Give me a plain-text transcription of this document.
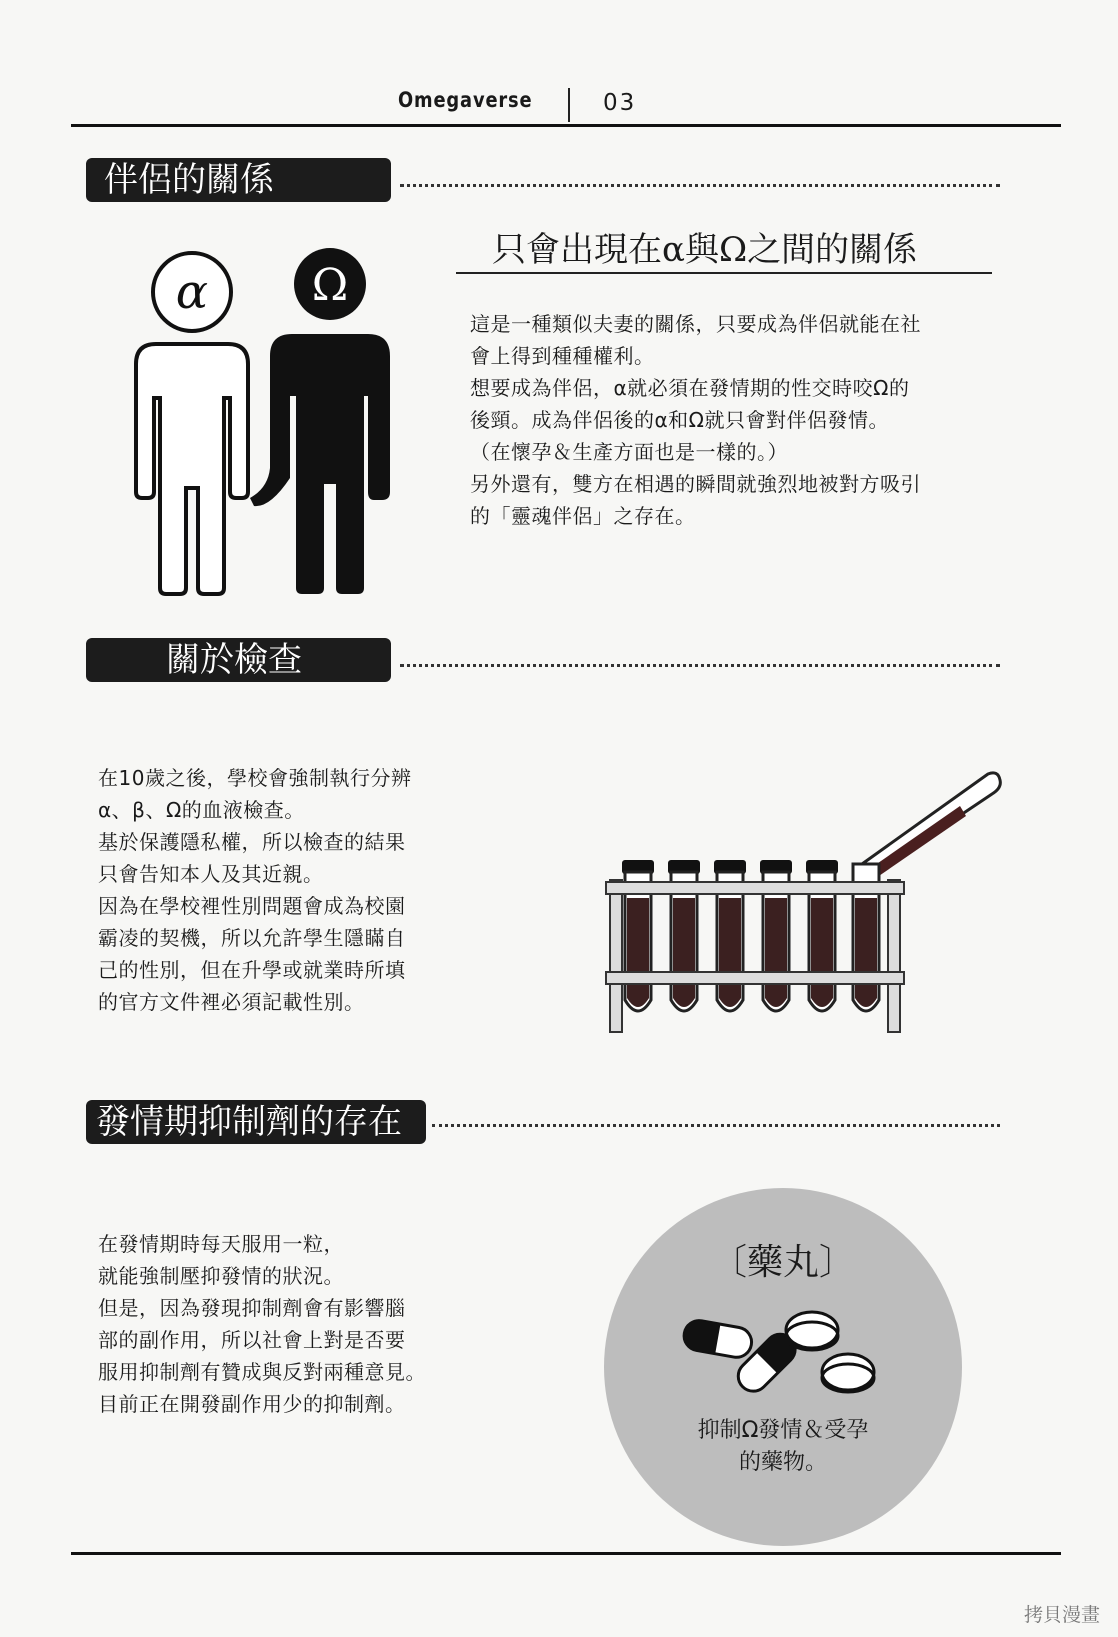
Omegaverse	03
伴侶的關係
α Ω
只會出現在α與Ω之間的關係
這是一種類似夫妻的關係，只要成為伴侶就能在社
會上得到種種權利。
想要成為伴侶，α就必須在發情期的性交時咬Ω的
後頸。成為伴侶後的α和Ω就只會對伴侶發情。
（在懷孕＆生產方面也是一樣的。）
另外還有，雙方在相遇的瞬間就強烈地被對方吸引
的「靈魂伴侶」之存在。
關於檢查
在10歲之後，學校會強制執行分辨
α、β、Ω的血液檢查。
基於保護隱私權，所以檢查的結果
只會告知本人及其近親。
因為在學校裡性別問題會成為校園
霸凌的契機，所以允許學生隱瞞自
己的性別，但在升學或就業時所填
的官方文件裡必須記載性別。
發情期抑制劑的存在
在發情期時每天服用一粒，
就能強制壓抑發情的狀況。
但是，因為發現抑制劑會有影響腦
部的副作用，所以社會上對是否要
服用抑制劑有贊成與反對兩種意見。
目前正在開發副作用少的抑制劑。
〔藥丸〕
抑制Ω發情＆受孕
的藥物。
拷貝漫畫
